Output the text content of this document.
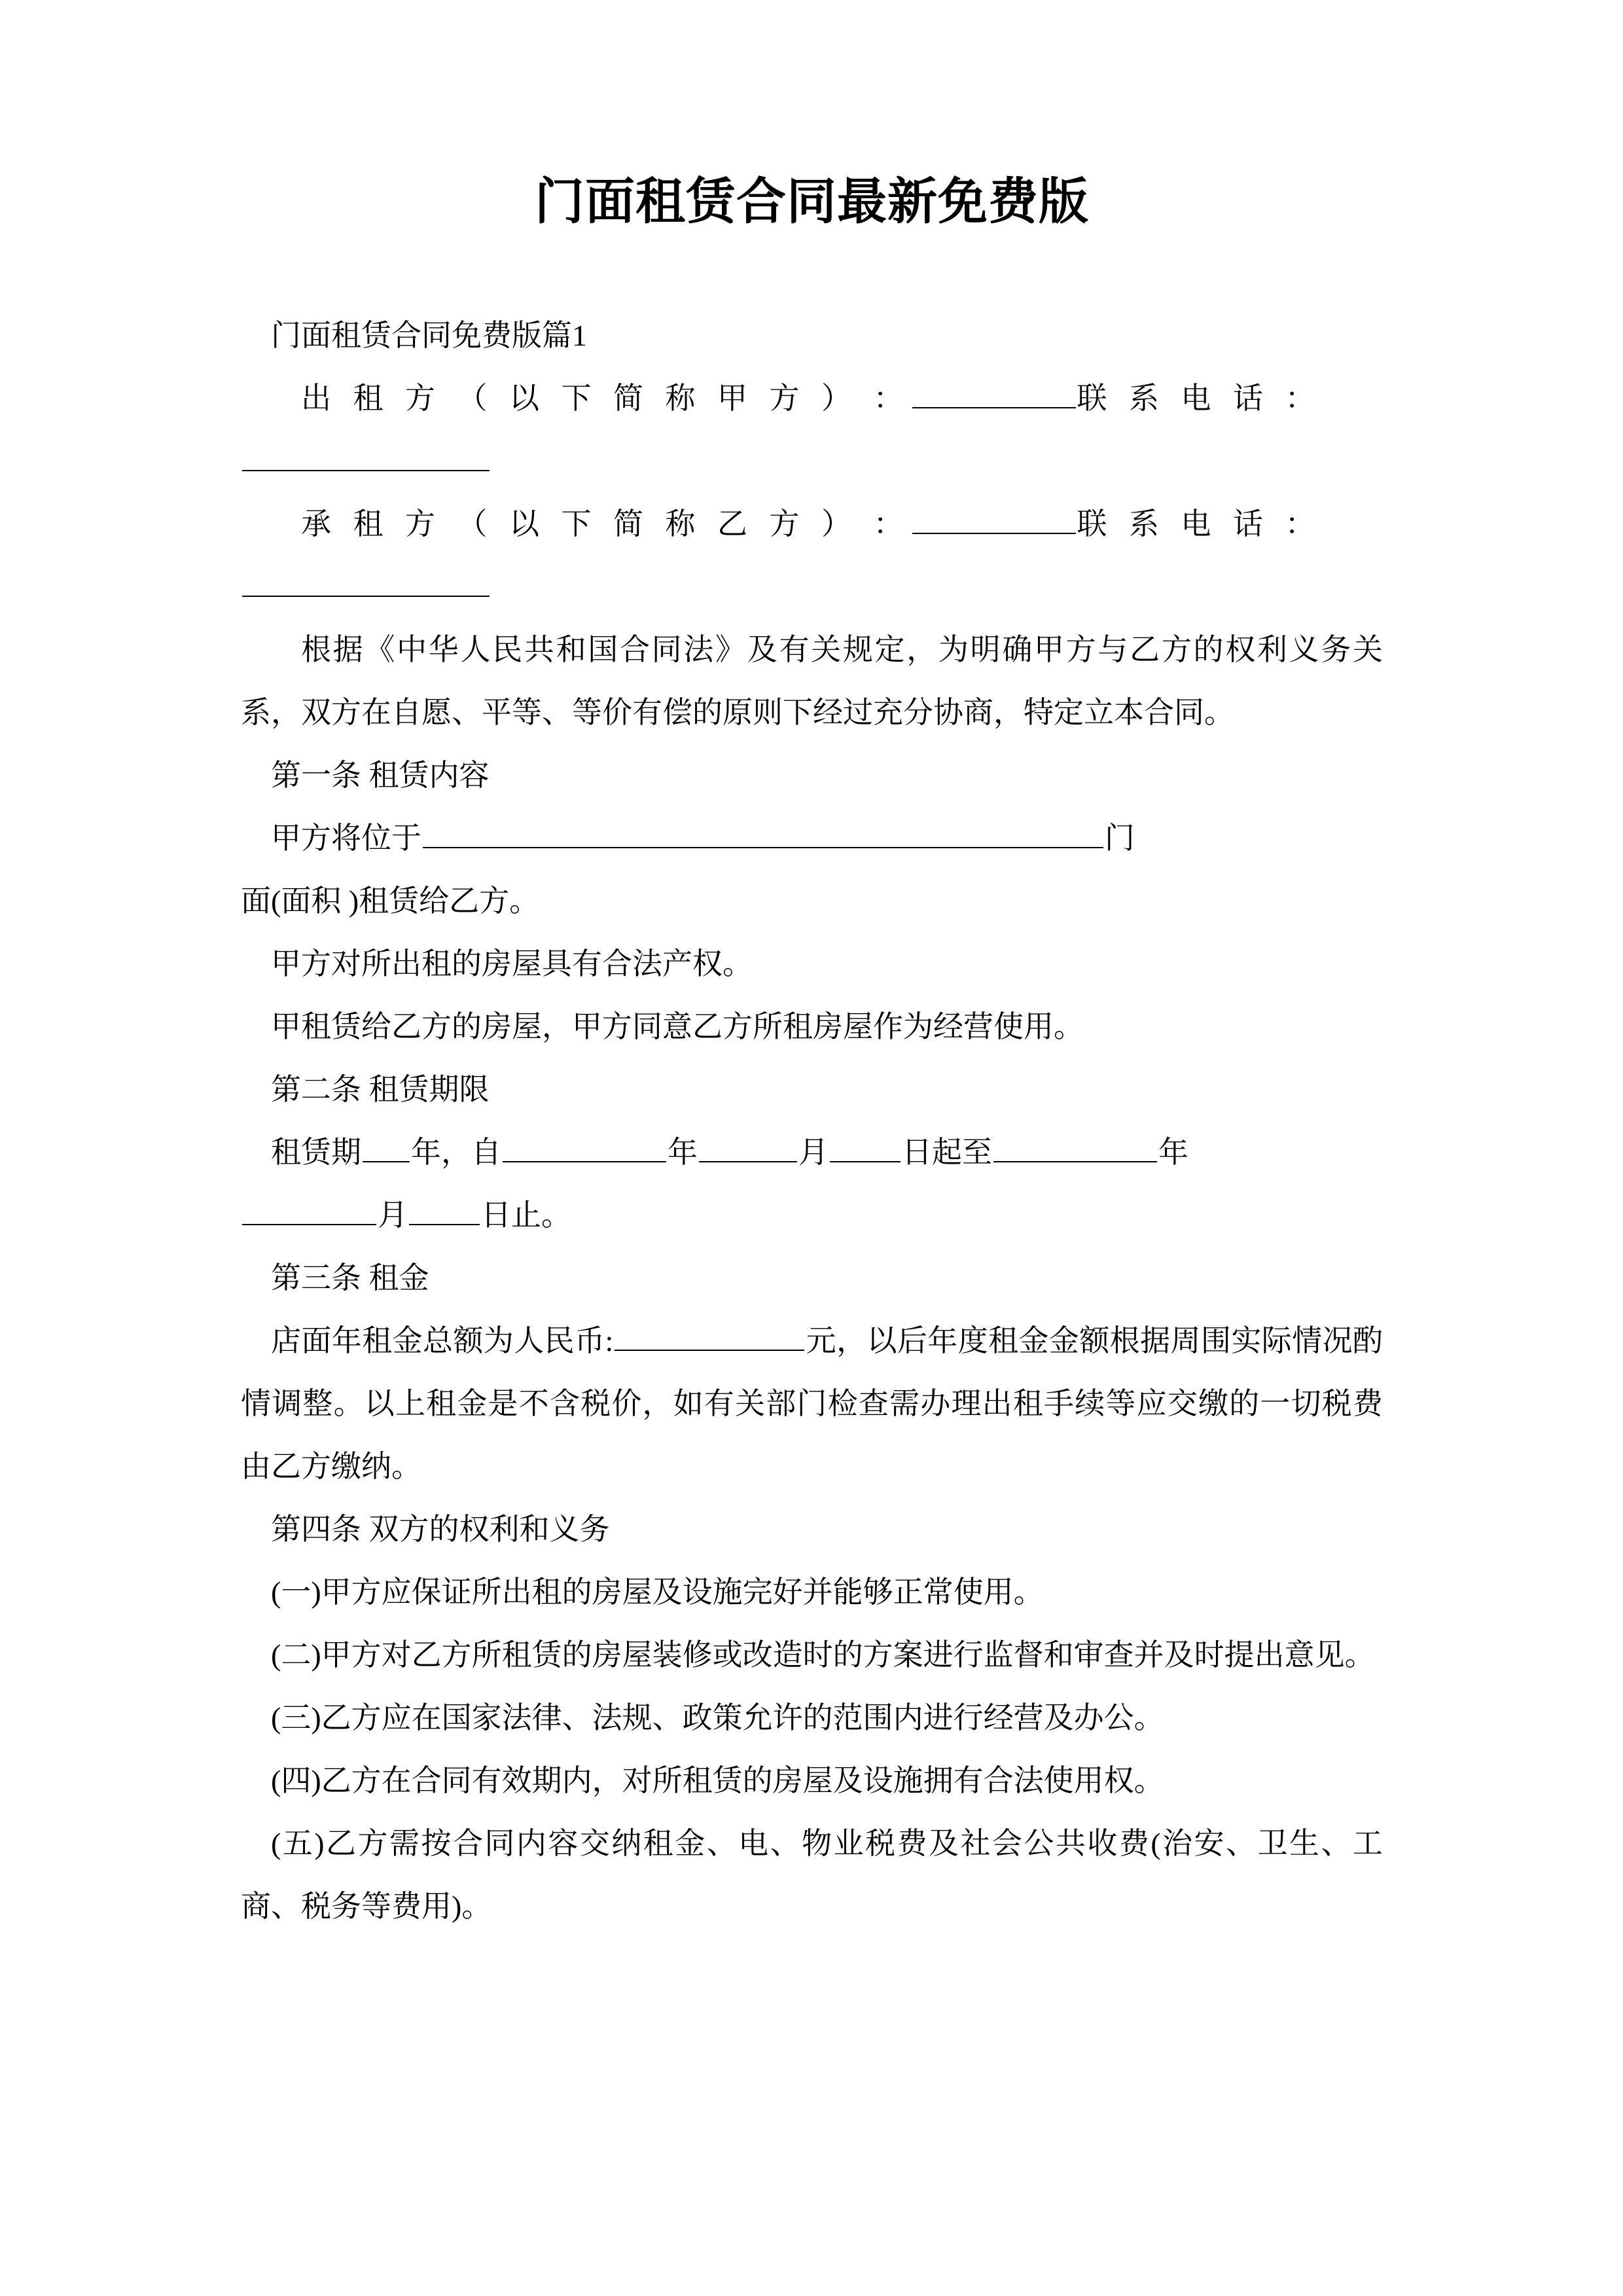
门面租赁合同最新免费版

门面租赁合同免费版篇1

出 租 方 （ 以 下 简 称 甲 方 ） ：	联 系 电 话 ：

承 租 方 （ 以 下 简 称 乙 方 ） ：	联 系 电 话 ：

根据《中华人民共和国合同法》及有关规定，为明确甲方与乙方的权利义务关系，双方在自愿、平等、等价有偿的原则下经过充分协商，特定立本合同。

第一条 租赁内容

甲方将位于	门

面(面积 )租赁给乙方。

甲方对所出租的房屋具有合法产权。

甲租赁给乙方的房屋，甲方同意乙方所租房屋作为经营使用。

第二条 租赁期限

租赁期 年，自	年	月 日起至	年

月 日止。

第三条 租金

店面年租金总额为人民币:	元，以后年度租金金额根据周围实际情况酌情调整。以上租金是不含税价，如有关部门检查需办理出租手续等应交缴的一切税费由乙方缴纳。

第四条 双方的权利和义务

(一)甲方应保证所出租的房屋及设施完好并能够正常使用。

(二)甲方对乙方所租赁的房屋装修或改造时的方案进行监督和审查并及时提出意见。

(三)乙方应在国家法律、法规、政策允许的范围内进行经营及办公。

(四)乙方在合同有效期内，对所租赁的房屋及设施拥有合法使用权。

(五)乙方需按合同内容交纳租金、电、物业税费及社会公共收费(治安、卫生、工商、税务等费用)。
